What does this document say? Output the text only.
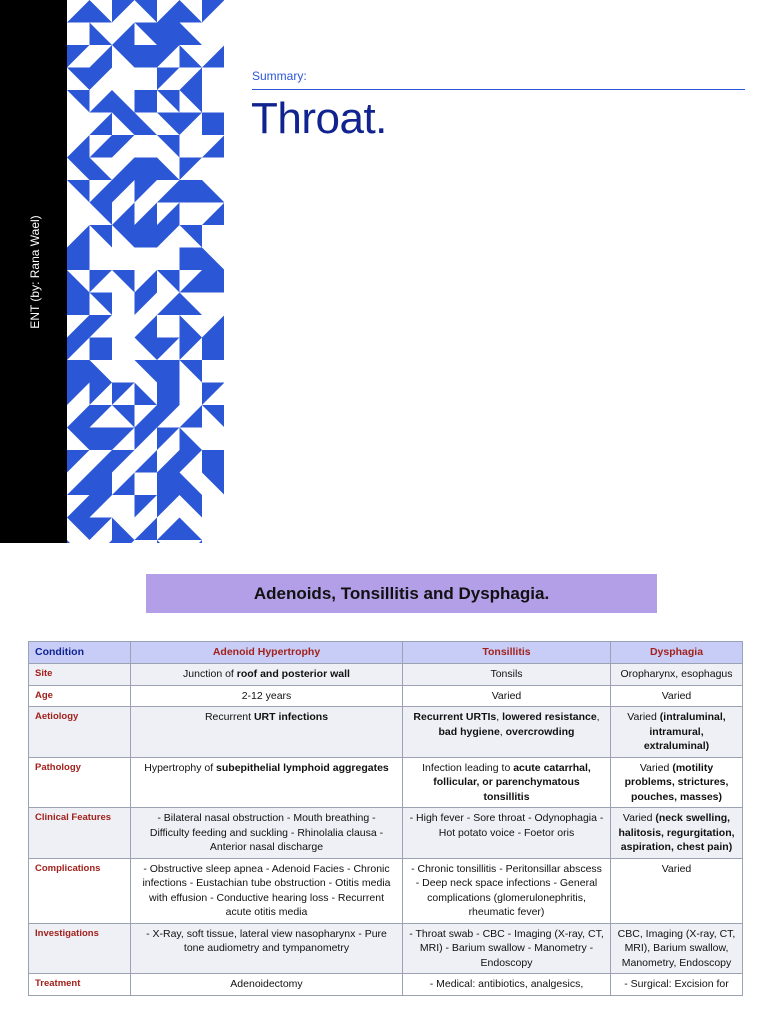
ENT (by: Rana Wael)
Summary:
Throat.
Adenoids, Tonsillitis and Dysphagia.
Condition	Adenoid Hypertrophy	Tonsillitis	Dysphagia
Site	Junction of roof and posterior wall	Tonsils	Oropharynx, esophagus
Age	2-12 years	Varied	Varied
Aetiology	Recurrent URT infections	Recurrent URTIs, lowered resistance, bad hygiene, overcrowding	Varied (intraluminal, intramural, extraluminal)
Pathology	Hypertrophy of subepithelial lymphoid aggregates	Infection leading to acute catarrhal, follicular, or parenchymatous tonsillitis	Varied (motility problems, strictures, pouches, masses)
Clinical Features	- Bilateral nasal obstruction - Mouth breathing - Difficulty feeding and suckling - Rhinolalia clausa - Anterior nasal discharge	- High fever - Sore throat - Odynophagia - Hot potato voice - Foetor oris	Varied (neck swelling, halitosis, regurgitation, aspiration, chest pain)
Complications	- Obstructive sleep apnea - Adenoid Facies - Chronic infections - Eustachian tube obstruction - Otitis media with effusion - Conductive hearing loss - Recurrent acute otitis media	- Chronic tonsillitis - Peritonsillar abscess - Deep neck space infections - General complications (glomerulonephritis, rheumatic fever)	Varied
Investigations	- X-Ray, soft tissue, lateral view nasopharynx - Pure tone audiometry and tympanometry	- Throat swab - CBC - Imaging (X-ray, CT, MRI) - Barium swallow - Manometry - Endoscopy	CBC, Imaging (X-ray, CT, MRI), Barium swallow, Manometry, Endoscopy
Treatment	Adenoidectomy	- Medical: antibiotics, analgesics,	- Surgical: Excision for
